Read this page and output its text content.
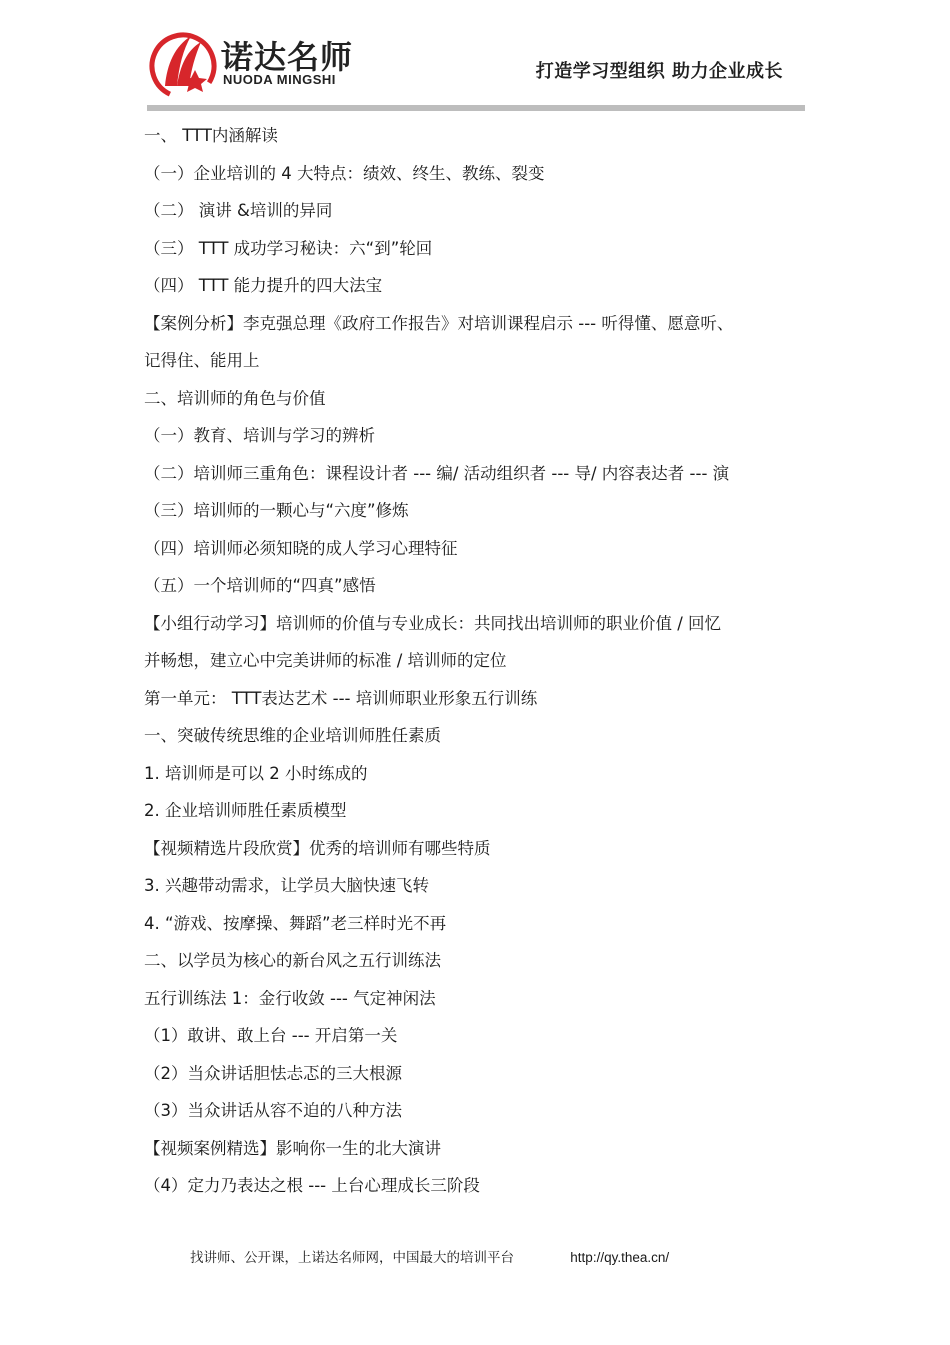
诺达名师
NUODA MINGSHI	打造学习型组织 助力企业成长
一、 TTT内涵解读
（一）企业培训的 4 大特点：绩效、终生、教练、裂变
（二） 演讲 &培训的异同
（三） TTT 成功学习秘诀：六“到”轮回
（四） TTT 能力提升的四大法宝
【案例分析】李克强总理《政府工作报告》对培训课程启示 --- 听得懂、愿意听、
记得住、能用上
二、培训师的角色与价值
（一）教育、培训与学习的辨析
（二）培训师三重角色：课程设计者 --- 编/ 活动组织者 --- 导/ 内容表达者 --- 演
（三）培训师的一颗心与“六度”修炼
（四）培训师必须知晓的成人学习心理特征
（五）一个培训师的“四真”感悟
【小组行动学习】培训师的价值与专业成长：共同找出培训师的职业价值 / 回忆
并畅想，建立心中完美讲师的标准 / 培训师的定位
第一单元： TTT表达艺术 --- 培训师职业形象五行训练
一、突破传统思维的企业培训师胜任素质
1. 培训师是可以 2 小时练成的
2. 企业培训师胜任素质模型
【视频精选片段欣赏】优秀的培训师有哪些特质
3. 兴趣带动需求，让学员大脑快速飞转
4. “游戏、按摩操、舞蹈”老三样时光不再
二、以学员为核心的新台风之五行训练法
五行训练法 1：金行收敛 --- 气定神闲法
（1）敢讲、敢上台 --- 开启第一关
（2）当众讲话胆怯忐忑的三大根源
（3）当众讲话从容不迫的八种方法
【视频案例精选】影响你一生的北大演讲
（4）定力乃表达之根 --- 上台心理成长三阶段
找讲师、公开课，上诺达名师网，中国最大的培训平台	http://qy.thea.cn/
